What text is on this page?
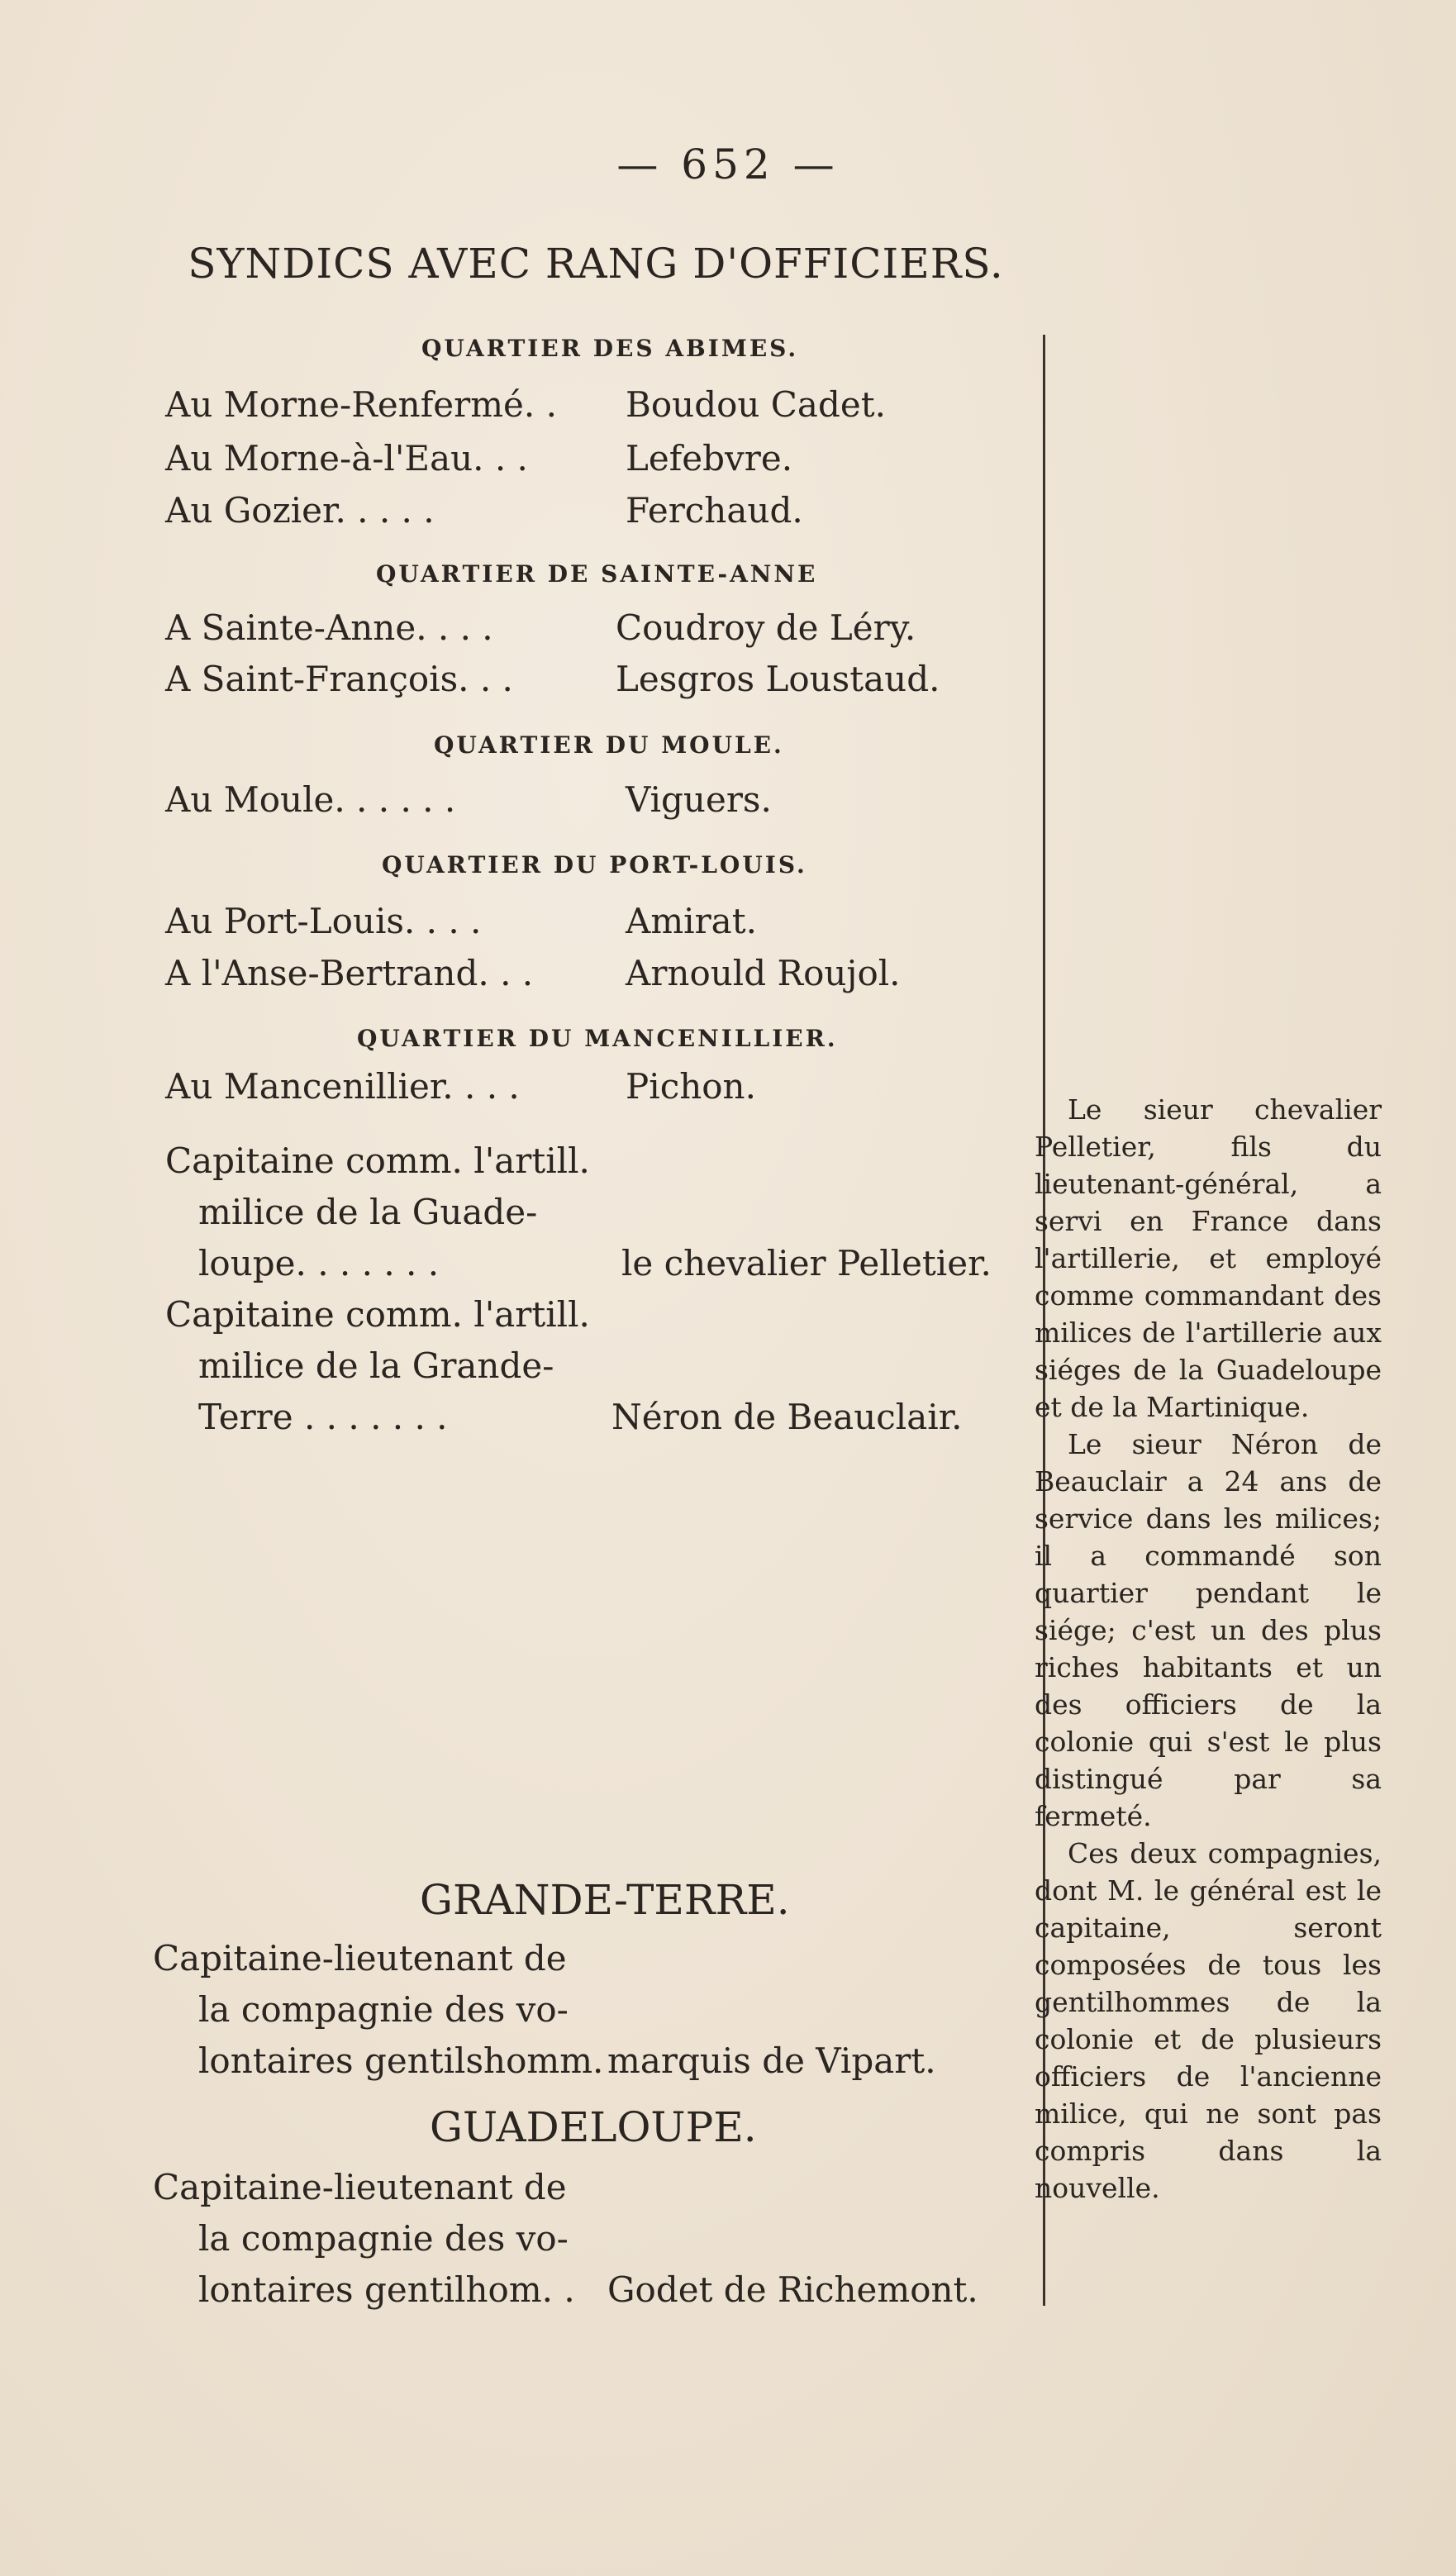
— 652 —
SYNDICS AVEC RANG D'OFFICIERS.
QUARTIER DES ABIMES.
Au Morne-Renfermé. . Boudou Cadet.
Au Morne-à-l'Eau. . .	Lefebvre.
Au Gozier. . . . .	Ferchaud.
QUARTIER DE SAINTE-ANNE
A Sainte-Anne. . . .	Coudroy de Léry.
A Saint-François. . .	Lesgros Loustaud.
QUARTIER DU MOULE.
Au Moule. . . . . .	Viguers.
QUARTIER DU PORT-LOUIS.
Au Port-Louis. . . .	Amirat.
A l'Anse-Bertrand. . .	Arnould Roujol.
QUARTIER DU MANCENILLIER.
Au Mancenillier. . . .	Pichon.
Capitaine comm. l'artill.
milice de la Guade-
loupe. . . . . . .	le chevalier Pelletier.
Capitaine comm. l'artill.
milice de la Grande-
Terre . . . . . . .	Néron de Beauclair.
GRANDE-TERRE.
Capitaine-lieutenant de
la compagnie des vo-
lontaires gentilshomm. marquis de Vipart.
GUADELOUPE.
Capitaine-lieutenant de
la compagnie des vo-
lontaires gentilhom. . Godet de Richemont.

Le sieur chevalier Pelletier, fils du lieutenant-général, a servi en France dans l'artillerie, et employé comme commandant des milices de l'artillerie aux siéges de la Guadeloupe et de la Martinique.

Le sieur Néron de Beauclair a 24 ans de service dans les milices; il a commandé son quartier pendant le siége; c'est un des plus riches habitants et un des officiers de la colonie qui s'est le plus distingué par sa fermeté.

Ces deux compagnies, dont M. le général est le capitaine, seront composées de tous les gentilhommes de la colonie et de plusieurs officiers de l'ancienne milice, qui ne sont pas compris dans la nouvelle.
